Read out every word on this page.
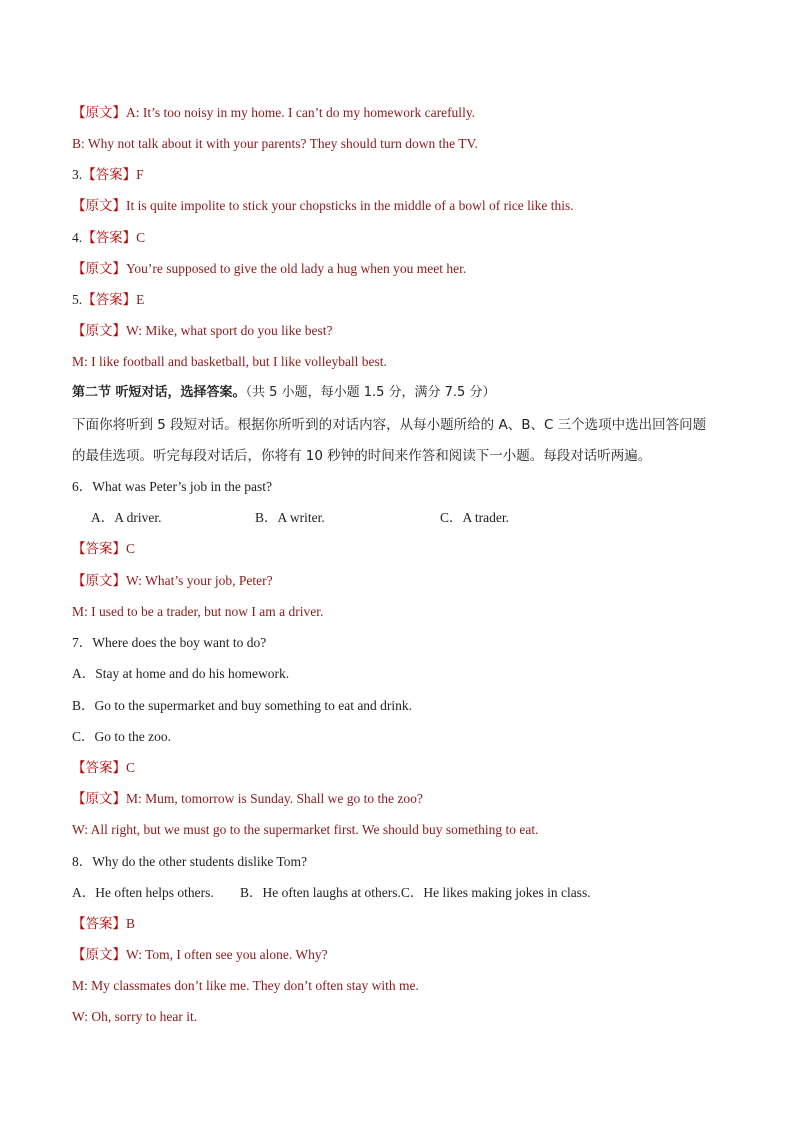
【原文】A: It’s too noisy in my home. I can’t do my homework carefully.
B: Why not talk about it with your parents? They should turn down the TV.
3.【答案】F
【原文】It is quite impolite to stick your chopsticks in the middle of a bowl of rice like this.
4.【答案】C
【原文】You’re supposed to give the old lady a hug when you meet her.
5.【答案】E
【原文】W: Mike, what sport do you like best?
M: I like football and basketball, but I like volleyball best.
第二节 听短对话，选择答案。（共 5 小题，每小题 1.5 分，满分 7.5 分）
下面你将听到 5 段短对话。根据你所听到的对话内容，从每小题所给的 A、B、C 三个选项中选出回答问题
的最佳选项。听完每段对话后，你将有 10 秒钟的时间来作答和阅读下一小题。每段对话听两遍。
6．What was Peter’s job in the past?
A．A driver.	B．A writer.	C．A trader.
【答案】C
【原文】W: What’s your job, Peter?
M: I used to be a trader, but now I am a driver.
7．Where does the boy want to do?
A．Stay at home and do his homework.
B．Go to the supermarket and buy something to eat and drink.
C．Go to the zoo.
【答案】C
【原文】M: Mum, tomorrow is Sunday. Shall we go to the zoo?
W: All right, but we must go to the supermarket first. We should buy something to eat.
8．Why do the other students dislike Tom?
A．He often helps others. B．He often laughs at others.C．He likes making jokes in class.
【答案】B
【原文】W: Tom, I often see you alone. Why?
M: My classmates don’t like me. They don’t often stay with me.
W: Oh, sorry to hear it.
